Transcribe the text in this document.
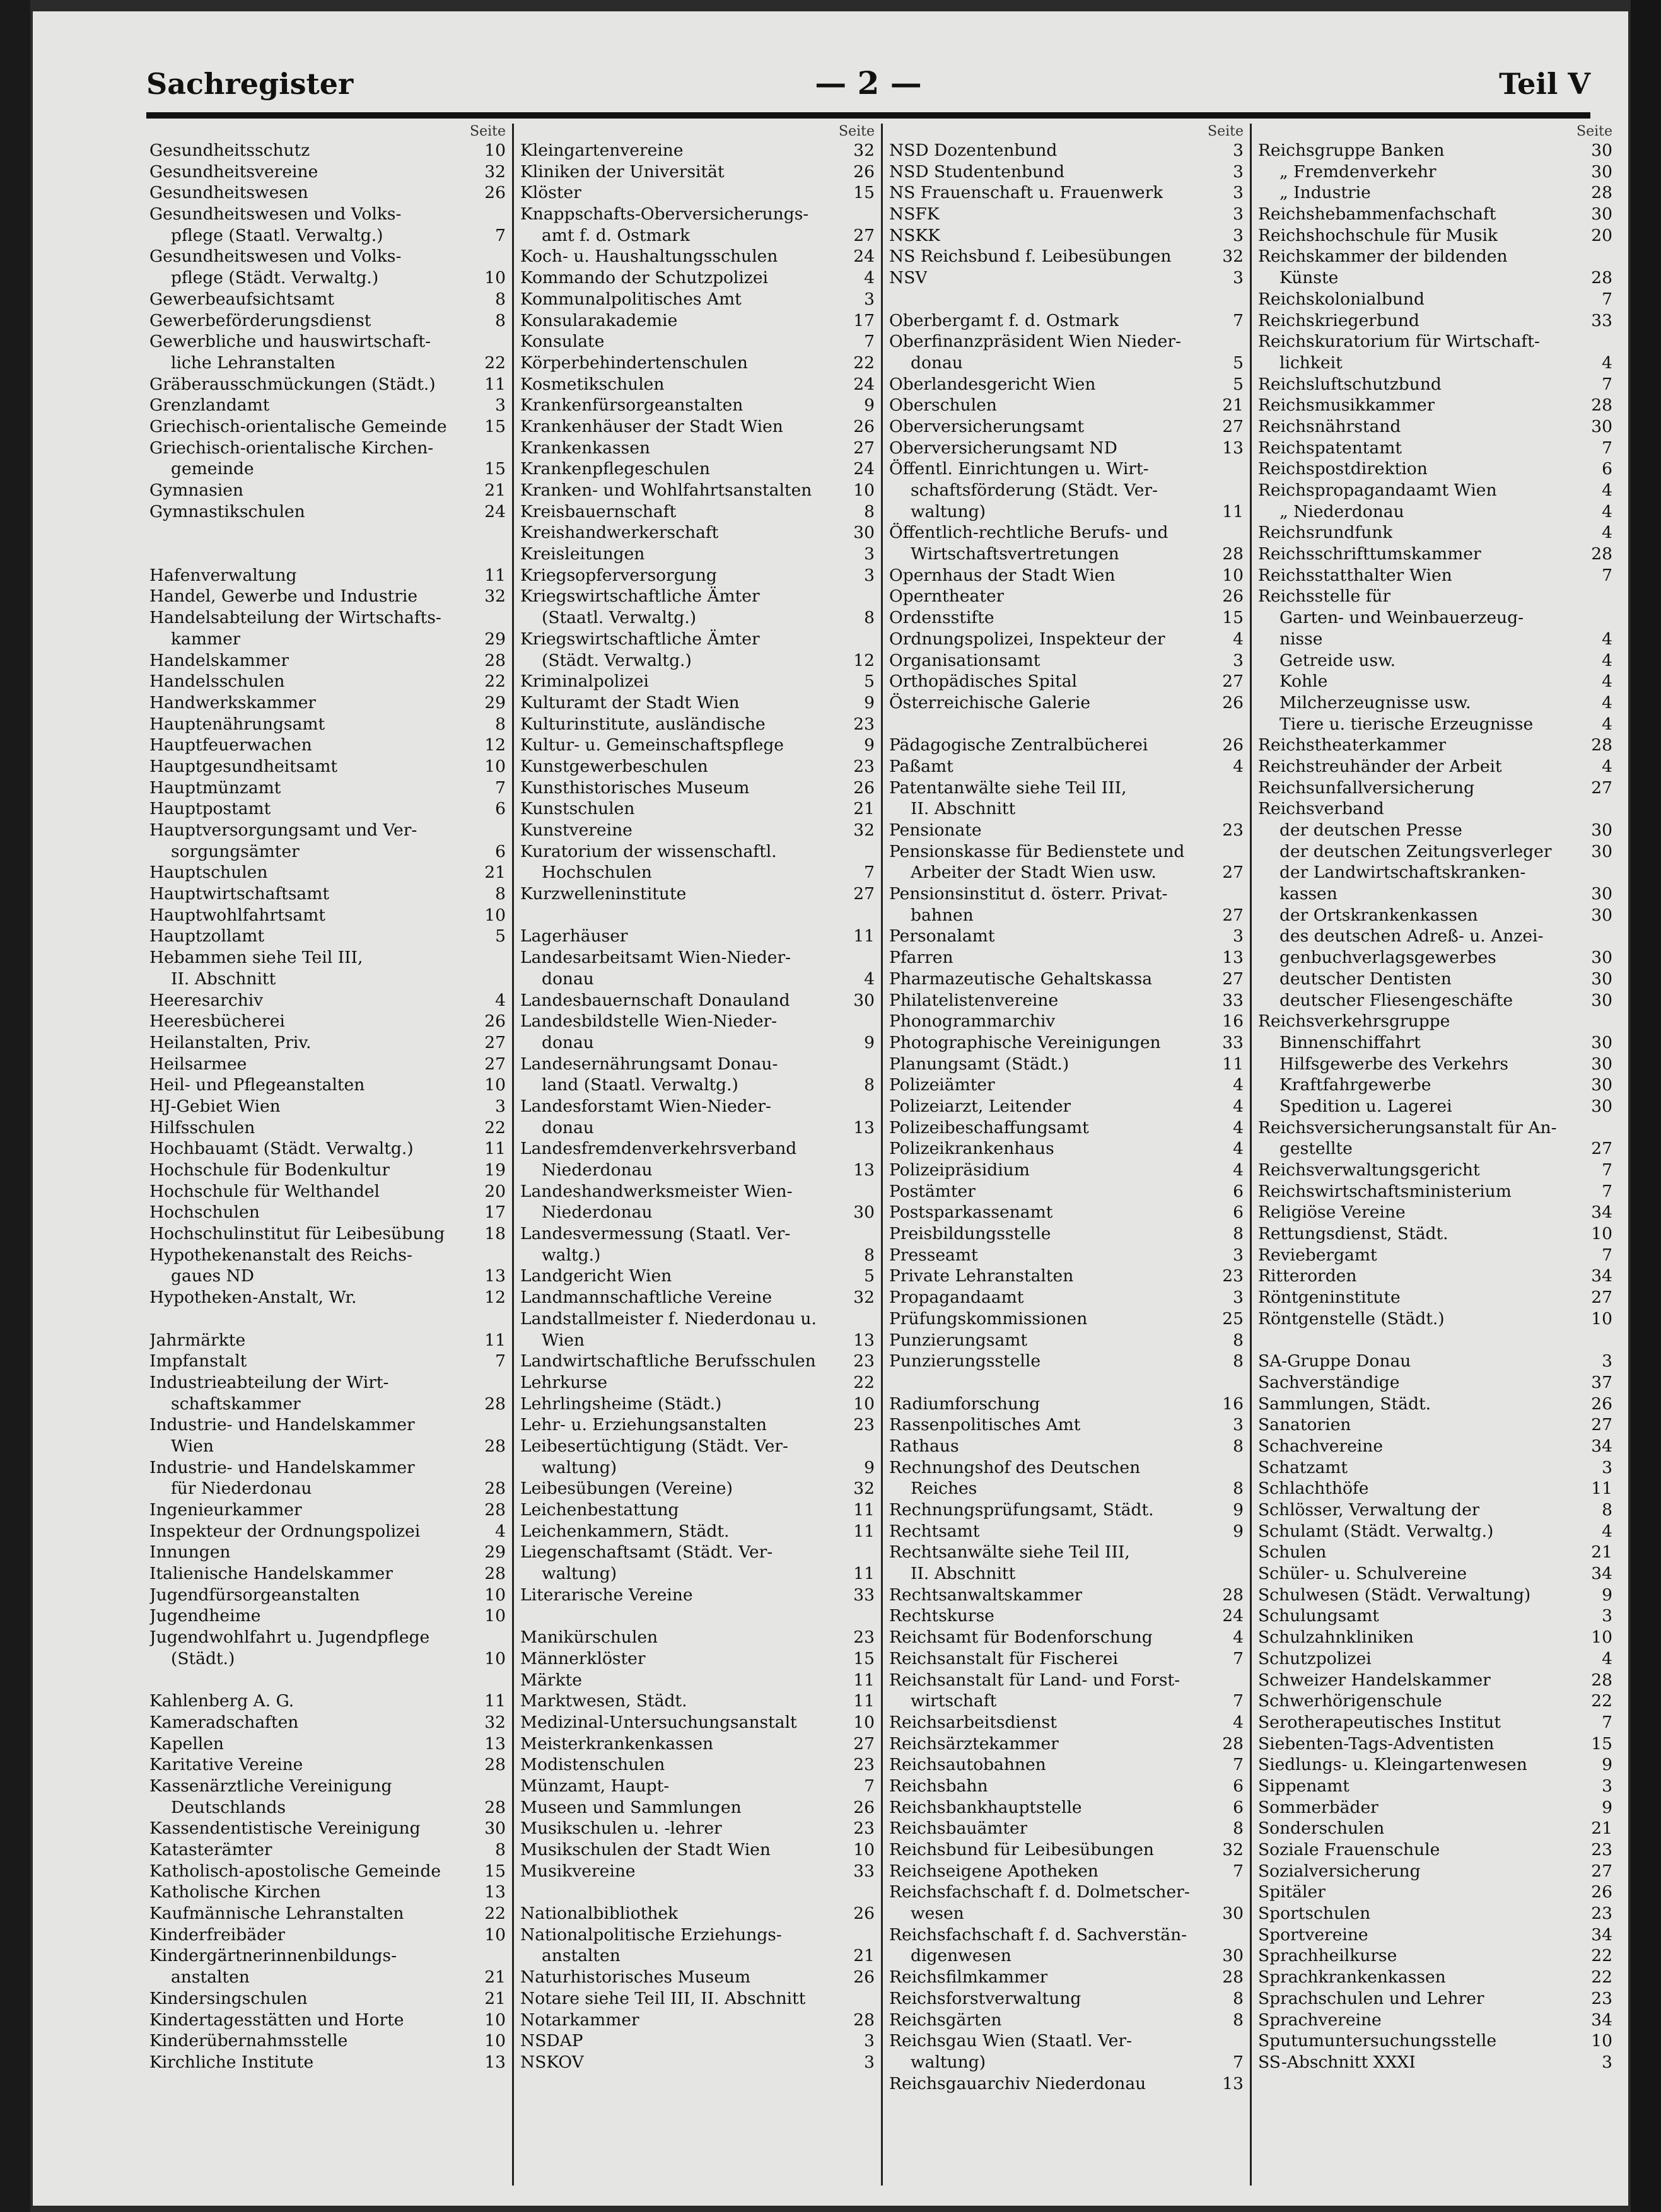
Sachregister	— 2 —	Teil V
Seite
Gesundheitsschutz	10
Gesundheitsvereine	32
Gesundheitswesen	26
Gesundheitswesen und Volks-
pflege (Staatl. Verwaltg.)	7
Gesundheitswesen und Volks-
pflege (Städt. Verwaltg.)	10
Gewerbeaufsichtsamt	8
Gewerbeförderungsdienst	8
Gewerbliche und hauswirtschaft-
liche Lehranstalten	22
Gräberausschmückungen (Städt.)	11
Grenzlandamt	3
Griechisch-orientalische Gemeinde	15
Griechisch-orientalische Kirchen-
gemeinde	15
Gymnasien	21
Gymnastikschulen	24
Hafenverwaltung	11
Handel, Gewerbe und Industrie	32
Handelsabteilung der Wirtschafts-
kammer	29
Handelskammer	28
Handelsschulen	22
Handwerkskammer	29
Hauptenährungsamt	8
Hauptfeuerwachen	12
Hauptgesundheitsamt	10
Hauptmünzamt	7
Hauptpostamt	6
Hauptversorgungsamt und Ver-
sorgungsämter	6
Hauptschulen	21
Hauptwirtschaftsamt	8
Hauptwohlfahrtsamt	10
Hauptzollamt	5
Hebammen siehe Teil III,
II. Abschnitt
Heeresarchiv	4
Heeresbücherei	26
Heilanstalten, Priv.	27
Heilsarmee	27
Heil- und Pflegeanstalten	10
HJ-Gebiet Wien	3
Hilfsschulen	22
Hochbauamt (Städt. Verwaltg.)	11
Hochschule für Bodenkultur	19
Hochschule für Welthandel	20
Hochschulen	17
Hochschulinstitut für Leibesübung	18
Hypothekenanstalt des Reichs-
gaues ND	13
Hypotheken-Anstalt, Wr.	12
Jahrmärkte	11
Impfanstalt	7
Industrieabteilung der Wirt-
schaftskammer	28
Industrie- und Handelskammer
Wien	28
Industrie- und Handelskammer
für Niederdonau	28
Ingenieurkammer	28
Inspekteur der Ordnungspolizei	4
Innungen	29
Italienische Handelskammer	28
Jugendfürsorgeanstalten	10
Jugendheime	10
Jugendwohlfahrt u. Jugendpflege
(Städt.)	10
Kahlenberg A. G.	11
Kameradschaften	32
Kapellen	13
Karitative Vereine	28
Kassenärztliche Vereinigung
Deutschlands	28
Kassendentistische Vereinigung	30
Katasterämter	8
Katholisch-apostolische Gemeinde	15
Katholische Kirchen	13
Kaufmännische Lehranstalten	22
Kinderfreibäder	10
Kindergärtnerinnenbildungs-
anstalten	21
Kindersingschulen	21
Kindertagesstätten und Horte	10
Kinderübernahmsstelle	10
Kirchliche Institute	13
Seite
Kleingartenvereine	32
Kliniken der Universität	26
Klöster	15
Knappschafts-Oberversicherungs-
amt f. d. Ostmark	27
Koch- u. Haushaltungsschulen	24
Kommando der Schutzpolizei	4
Kommunalpolitisches Amt	3
Konsularakademie	17
Konsulate	7
Körperbehindertenschulen	22
Kosmetikschulen	24
Krankenfürsorgeanstalten	9
Krankenhäuser der Stadt Wien	26
Krankenkassen	27
Krankenpflegeschulen	24
Kranken- und Wohlfahrtsanstalten	10
Kreisbauernschaft	8
Kreishandwerkerschaft	30
Kreisleitungen	3
Kriegsopferversorgung	3
Kriegswirtschaftliche Ämter
(Staatl. Verwaltg.)	8
Kriegswirtschaftliche Ämter
(Städt. Verwaltg.)	12
Kriminalpolizei	5
Kulturamt der Stadt Wien	9
Kulturinstitute, ausländische	23
Kultur- u. Gemeinschaftspflege	9
Kunstgewerbeschulen	23
Kunsthistorisches Museum	26
Kunstschulen	21
Kunstvereine	32
Kuratorium der wissenschaftl.
Hochschulen	7
Kurzwelleninstitute	27
Lagerhäuser	11
Landesarbeitsamt Wien-Nieder-
donau	4
Landesbauernschaft Donauland	30
Landesbildstelle Wien-Nieder-
donau	9
Landesernährungsamt Donau-
land (Staatl. Verwaltg.)	8
Landesforstamt Wien-Nieder-
donau	13
Landesfremdenverkehrsverband
Niederdonau	13
Landeshandwerksmeister Wien-
Niederdonau	30
Landesvermessung (Staatl. Ver-
waltg.)	8
Landgericht Wien	5
Landmannschaftliche Vereine	32
Landstallmeister f. Niederdonau u.
Wien	13
Landwirtschaftliche Berufsschulen	23
Lehrkurse	22
Lehrlingsheime (Städt.)	10
Lehr- u. Erziehungsanstalten	23
Leibesertüchtigung (Städt. Ver-
waltung)	9
Leibesübungen (Vereine)	32
Leichenbestattung	11
Leichenkammern, Städt.	11
Liegenschaftsamt (Städt. Ver-
waltung)	11
Literarische Vereine	33
Manikürschulen	23
Männerklöster	15
Märkte	11
Marktwesen, Städt.	11
Medizinal-Untersuchungsanstalt	10
Meisterkrankenkassen	27
Modistenschulen	23
Münzamt, Haupt-	7
Museen und Sammlungen	26
Musikschulen u. -lehrer	23
Musikschulen der Stadt Wien	10
Musikvereine	33
Nationalbibliothek	26
Nationalpolitische Erziehungs-
anstalten	21
Naturhistorisches Museum	26
Notare siehe Teil III, II. Abschnitt
Notarkammer	28
NSDAP	3
NSKOV	3
Seite
NSD Dozentenbund	3
NSD Studentenbund	3
NS Frauenschaft u. Frauenwerk	3
NSFK	3
NSKK	3
NS Reichsbund f. Leibesübungen	32
NSV	3
Oberbergamt f. d. Ostmark	7
Oberfinanzpräsident Wien Nieder-
donau	5
Oberlandesgericht Wien	5
Oberschulen	21
Oberversicherungsamt	27
Oberversicherungsamt ND	13
Öffentl. Einrichtungen u. Wirt-
schaftsförderung (Städt. Ver-
waltung)	11
Öffentlich-rechtliche Berufs- und
Wirtschaftsvertretungen	28
Opernhaus der Stadt Wien	10
Operntheater	26
Ordensstifte	15
Ordnungspolizei, Inspekteur der	4
Organisationsamt	3
Orthopädisches Spital	27
Österreichische Galerie	26
Pädagogische Zentralbücherei	26
Paßamt	4
Patentanwälte siehe Teil III,
II. Abschnitt
Pensionate	23
Pensionskasse für Bedienstete und
Arbeiter der Stadt Wien usw.	27
Pensionsinstitut d. österr. Privat-
bahnen	27
Personalamt	3
Pfarren	13
Pharmazeutische Gehaltskassa	27
Philatelistenvereine	33
Phonogrammarchiv	16
Photographische Vereinigungen	33
Planungsamt (Städt.)	11
Polizeiämter	4
Polizeiarzt, Leitender	4
Polizeibeschaffungsamt	4
Polizeikrankenhaus	4
Polizeipräsidium	4
Postämter	6
Postsparkassenamt	6
Preisbildungsstelle	8
Presseamt	3
Private Lehranstalten	23
Propagandaamt	3
Prüfungskommissionen	25
Punzierungsamt	8
Punzierungsstelle	8
Radiumforschung	16
Rassenpolitisches Amt	3
Rathaus	8
Rechnungshof des Deutschen
Reiches	8
Rechnungsprüfungsamt, Städt.	9
Rechtsamt	9
Rechtsanwälte siehe Teil III,
II. Abschnitt
Rechtsanwaltskammer	28
Rechtskurse	24
Reichsamt für Bodenforschung	4
Reichsanstalt für Fischerei	7
Reichsanstalt für Land- und Forst-
wirtschaft	7
Reichsarbeitsdienst	4
Reichsärztekammer	28
Reichsautobahnen	7
Reichsbahn	6
Reichsbankhauptstelle	6
Reichsbauämter	8
Reichsbund für Leibesübungen	32
Reichseigene Apotheken	7
Reichsfachschaft f. d. Dolmetscher-
wesen	30
Reichsfachschaft f. d. Sachverstän-
digenwesen	30
Reichsfilmkammer	28
Reichsforstverwaltung	8
Reichsgärten	8
Reichsgau Wien (Staatl. Ver-
waltung)	7
Reichsgauarchiv Niederdonau	13
Seite
Reichsgruppe Banken	30
„ Fremdenverkehr	30
„ Industrie	28
Reichshebammenfachschaft	30
Reichshochschule für Musik	20
Reichskammer der bildenden
Künste	28
Reichskolonialbund	7
Reichskriegerbund	33
Reichskuratorium für Wirtschaft-
lichkeit	4
Reichsluftschutzbund	7
Reichsmusikkammer	28
Reichsnährstand	30
Reichspatentamt	7
Reichspostdirektion	6
Reichspropagandaamt Wien	4
„ Niederdonau	4
Reichsrundfunk	4
Reichsschrifttumskammer	28
Reichsstatthalter Wien	7
Reichsstelle für
Garten- und Weinbauerzeug-
nisse	4
Getreide usw.	4
Kohle	4
Milcherzeugnisse usw.	4
Tiere u. tierische Erzeugnisse	4
Reichstheaterkammer	28
Reichstreuhänder der Arbeit	4
Reichsunfallversicherung	27
Reichsverband
der deutschen Presse	30
der deutschen Zeitungsverleger	30
der Landwirtschaftskranken-
kassen	30
der Ortskrankenkassen	30
des deutschen Adreß- u. Anzei-
genbuchverlagsgewerbes	30
deutscher Dentisten	30
deutscher Fliesengeschäfte	30
Reichsverkehrsgruppe
Binnenschiffahrt	30
Hilfsgewerbe des Verkehrs	30
Kraftfahrgewerbe	30
Spedition u. Lagerei	30
Reichsversicherungsanstalt für An-
gestellte	27
Reichsverwaltungsgericht	7
Reichswirtschaftsministerium	7
Religiöse Vereine	34
Rettungsdienst, Städt.	10
Reviebergamt	7
Ritterorden	34
Röntgeninstitute	27
Röntgenstelle (Städt.)	10
SA-Gruppe Donau	3
Sachverständige	37
Sammlungen, Städt.	26
Sanatorien	27
Schachvereine	34
Schatzamt	3
Schlachthöfe	11
Schlösser, Verwaltung der	8
Schulamt (Städt. Verwaltg.)	4
Schulen	21
Schüler- u. Schulvereine	34
Schulwesen (Städt. Verwaltung)	9
Schulungsamt	3
Schulzahnkliniken	10
Schutzpolizei	4
Schweizer Handelskammer	28
Schwerhörigenschule	22
Serotherapeutisches Institut	7
Siebenten-Tags-Adventisten	15
Siedlungs- u. Kleingartenwesen	9
Sippenamt	3
Sommerbäder	9
Sonderschulen	21
Soziale Frauenschule	23
Sozialversicherung	27
Spitäler	26
Sportschulen	23
Sportvereine	34
Sprachheilkurse	22
Sprachkrankenkassen	22
Sprachschulen und Lehrer	23
Sprachvereine	34
Sputumuntersuchungsstelle	10
SS-Abschnitt XXXI	3
